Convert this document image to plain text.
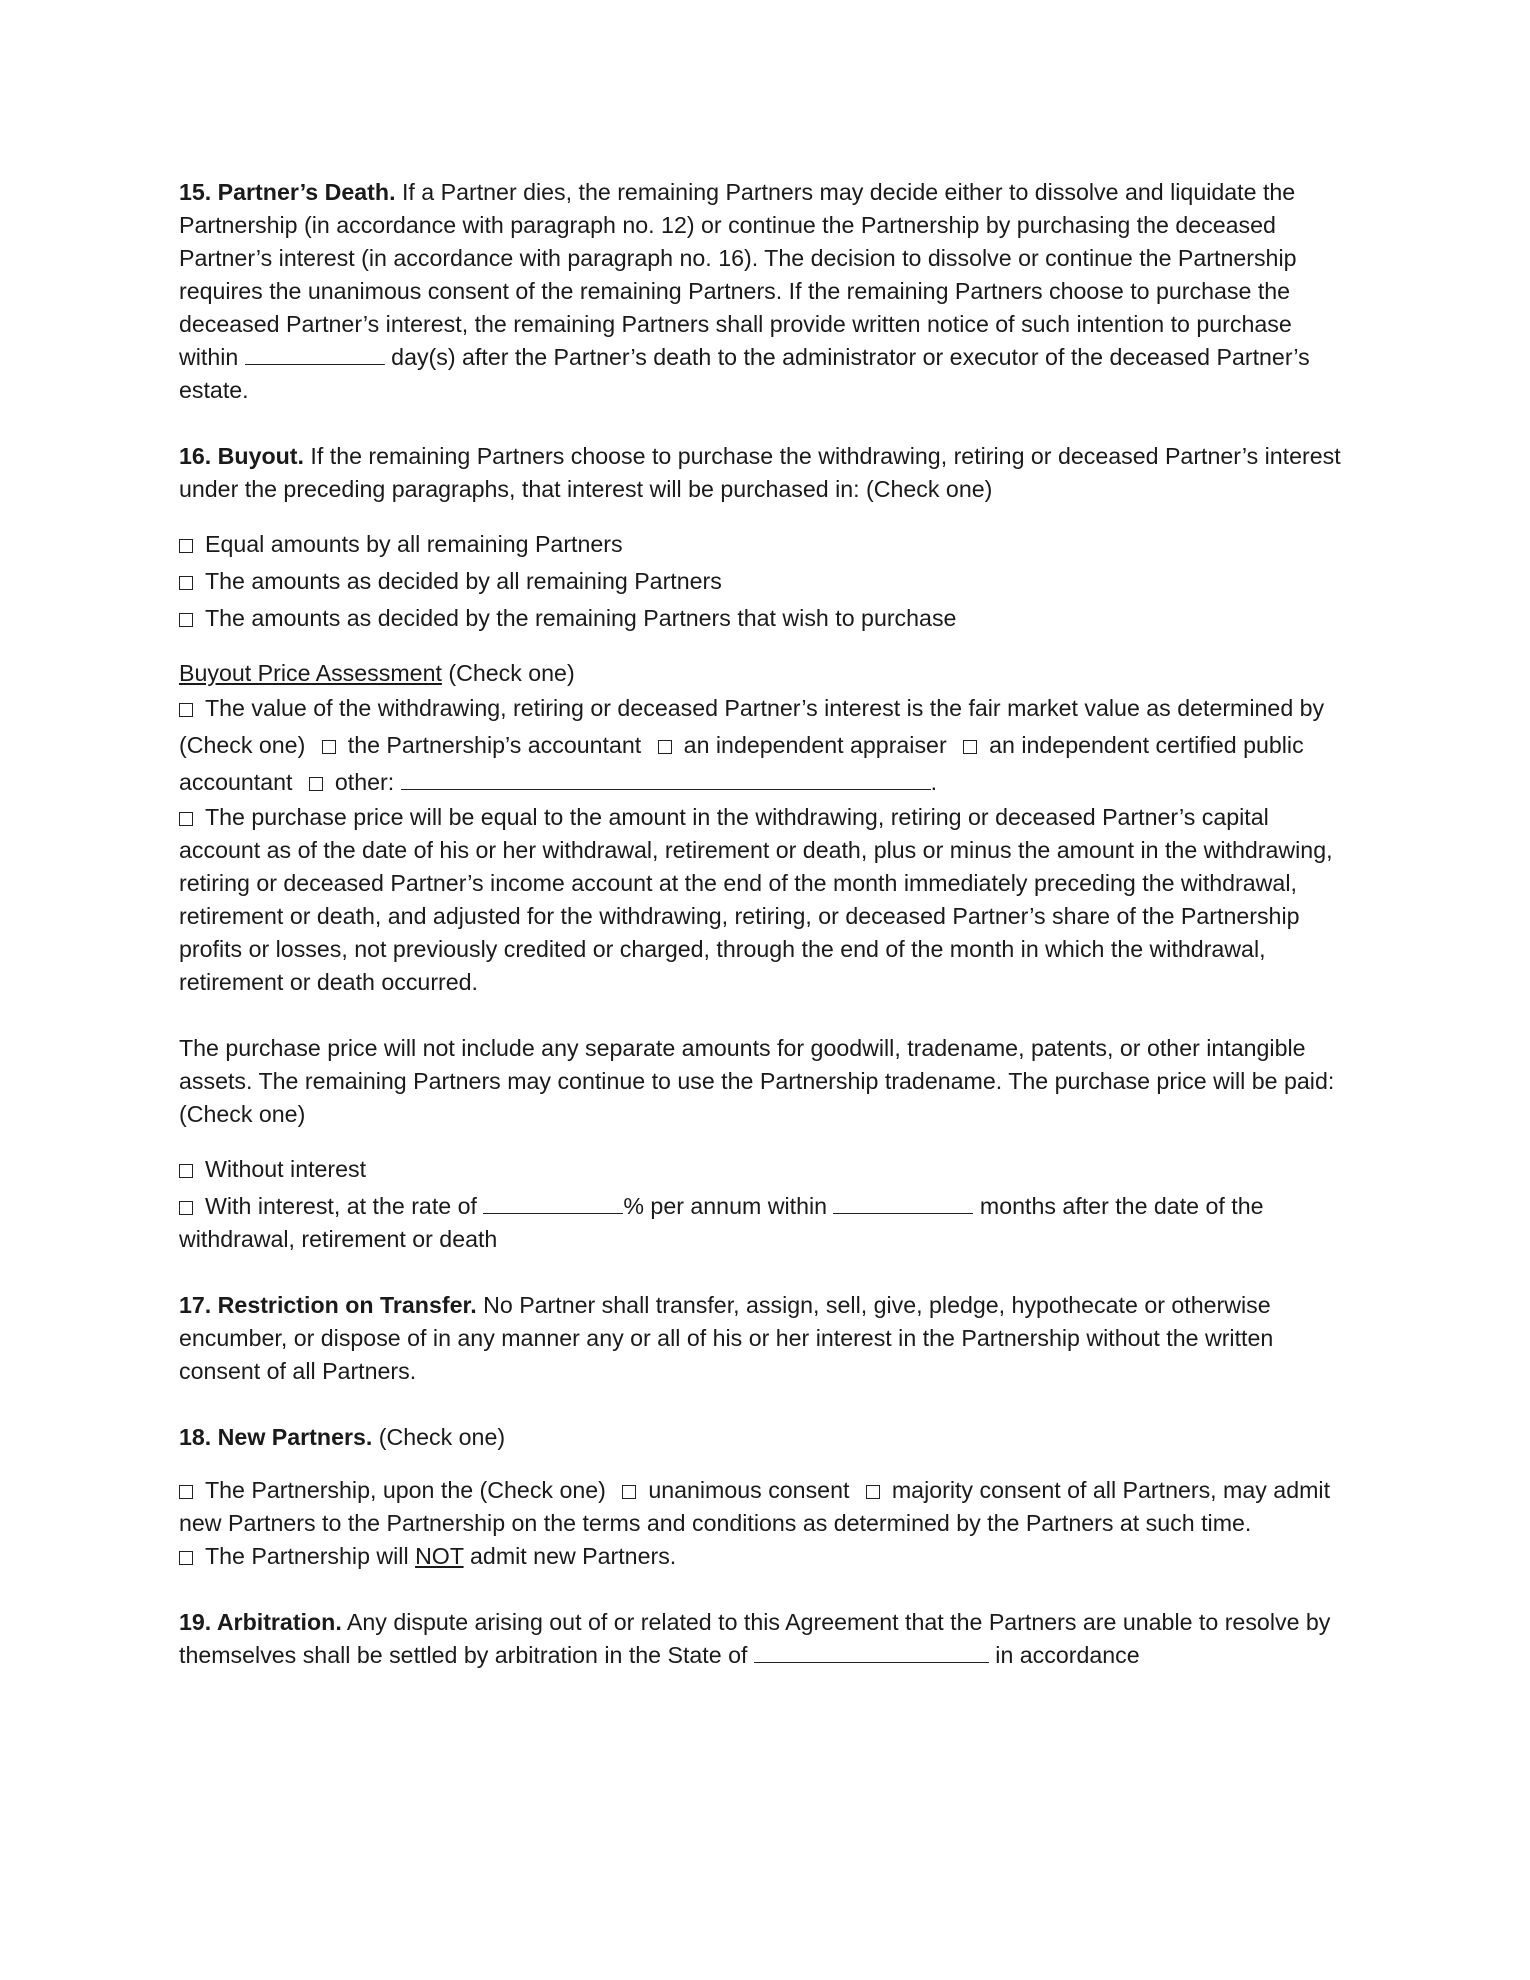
15. Partner’s Death. If a Partner dies, the remaining Partners may decide either to dissolve and liquidate the Partnership (in accordance with paragraph no. 12) or continue the Partnership by purchasing the deceased Partner’s interest (in accordance with paragraph no. 16). The decision to dissolve or continue the Partnership requires the unanimous consent of the remaining Partners. If the remaining Partners choose to purchase the deceased Partner’s interest, the remaining Partners shall provide written notice of such intention to purchase within	day(s) after the Partner’s death to the administrator or executor of the deceased Partner’s estate.

16. Buyout. If the remaining Partners choose to purchase the withdrawing, retiring or deceased Partner’s interest under the preceding paragraphs, that interest will be purchased in: (Check one)

Equal amounts by all remaining Partners
The amounts as decided by all remaining Partners
The amounts as decided by the remaining Partners that wish to purchase

Buyout Price Assessment (Check one)

The value of the withdrawing, retiring or deceased Partner’s interest is the fair market value as determined by (Check one) the Partnership’s accountant an independent appraiser an independent certified public accountant other:	.

The purchase price will be equal to the amount in the withdrawing, retiring or deceased Partner’s capital account as of the date of his or her withdrawal, retirement or death, plus or minus the amount in the withdrawing, retiring or deceased Partner’s income account at the end of the month immediately preceding the withdrawal, retirement or death, and adjusted for the withdrawing, retiring, or deceased Partner’s share of the Partnership profits or losses, not previously credited or charged, through the end of the month in which the withdrawal, retirement or death occurred.

The purchase price will not include any separate amounts for goodwill, tradename, patents, or other intangible assets. The remaining Partners may continue to use the Partnership tradename. The purchase price will be paid: (Check one)

Without interest

With interest, at the rate of	% per annum within	months after the date of the withdrawal, retirement or death

17. Restriction on Transfer. No Partner shall transfer, assign, sell, give, pledge, hypothecate or otherwise encumber, or dispose of in any manner any or all of his or her interest in the Partnership without the written consent of all Partners.

18. New Partners. (Check one)

The Partnership, upon the (Check one) unanimous consent majority consent of all Partners, may admit new Partners to the Partnership on the terms and conditions as determined by the Partners at such time.

The Partnership will NOT admit new Partners.

19. Arbitration. Any dispute arising out of or related to this Agreement that the Partners are unable to resolve by themselves shall be settled by arbitration in the State of	in accordance
